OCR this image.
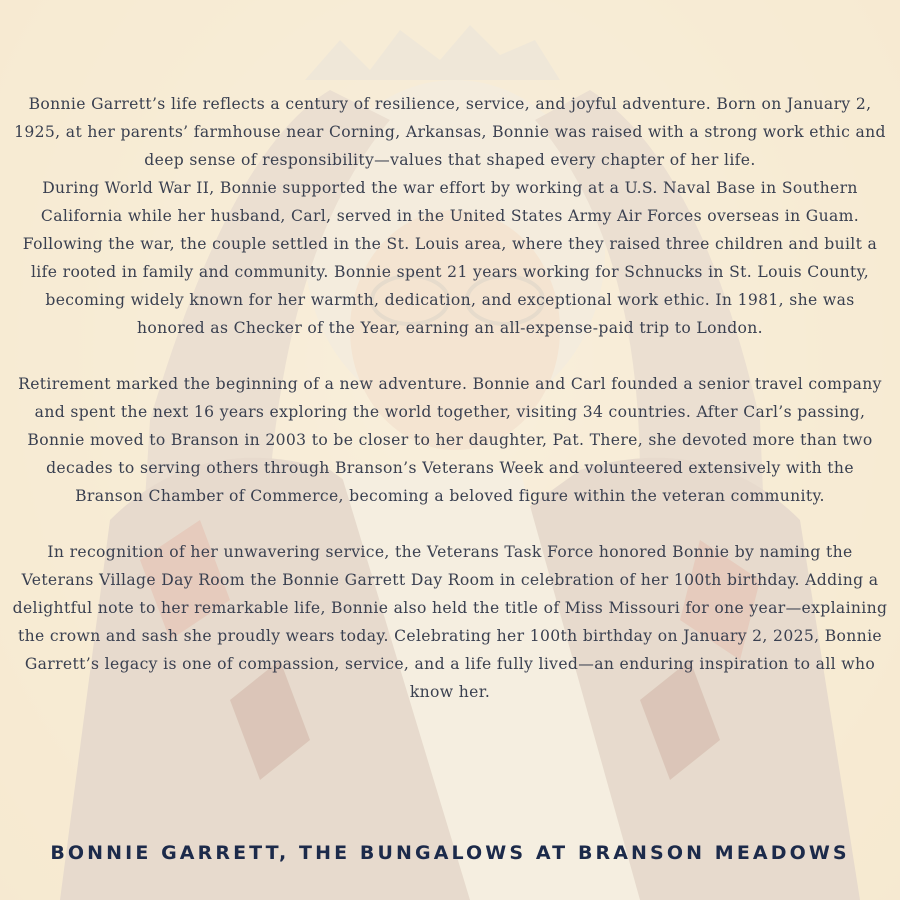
Bonnie Garrett’s life reflects a century of resilience, service, and joyful adventure. Born on January 2, 1925, at her parents’ farmhouse near Corning, Arkansas, Bonnie was raised with a strong work ethic and deep sense of responsibility—values that shaped every chapter of her life.

During World War II, Bonnie supported the war effort by working at a U.S. Naval Base in Southern California while her husband, Carl, served in the United States Army Air Forces overseas in Guam. Following the war, the couple settled in the St. Louis area, where they raised three children and built a life rooted in family and community. Bonnie spent 21 years working for Schnucks in St. Louis County, becoming widely known for her warmth, dedication, and exceptional work ethic. In 1981, she was honored as Checker of the Year, earning an all-expense-paid trip to London.

Retirement marked the beginning of a new adventure. Bonnie and Carl founded a senior travel company and spent the next 16 years exploring the world together, visiting 34 countries. After Carl’s passing, Bonnie moved to Branson in 2003 to be closer to her daughter, Pat. There, she devoted more than two decades to serving others through Branson’s Veterans Week and volunteered extensively with the Branson Chamber of Commerce, becoming a beloved figure within the veteran community.

In recognition of her unwavering service, the Veterans Task Force honored Bonnie by naming the Veterans Village Day Room the Bonnie Garrett Day Room in celebration of her 100th birthday. Adding a delightful note to her remarkable life, Bonnie also held the title of Miss Missouri for one year—explaining the crown and sash she proudly wears today. Celebrating her 100th birthday on January 2, 2025, Bonnie Garrett’s legacy is one of compassion, service, and a life fully lived—an enduring inspiration to all who know her.

BONNIE GARRETT, THE BUNGALOWS AT BRANSON MEADOWS
